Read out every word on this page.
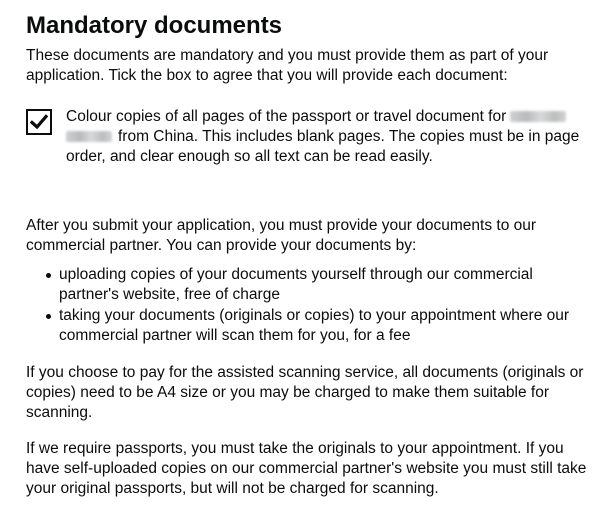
Mandatory documents

These documents are mandatory and you must provide them as part of your application. Tick the box to agree that you will provide each document:

Colour copies of all pages of the passport or travel document for from China. This includes blank pages. The copies must be in page order, and clear enough so all text can be read easily.

After you submit your application, you must provide your documents to our commercial partner. You can provide your documents by:

uploading copies of your documents yourself through our commercial partner's website, free of charge
taking your documents (originals or copies) to your appointment where our commercial partner will scan them for you, for a fee

If you choose to pay for the assisted scanning service, all documents (originals or copies) need to be A4 size or you may be charged to make them suitable for scanning.

If we require passports, you must take the originals to your appointment. If you have self-uploaded copies on our commercial partner's website you must still take your original passports, but will not be charged for scanning.
